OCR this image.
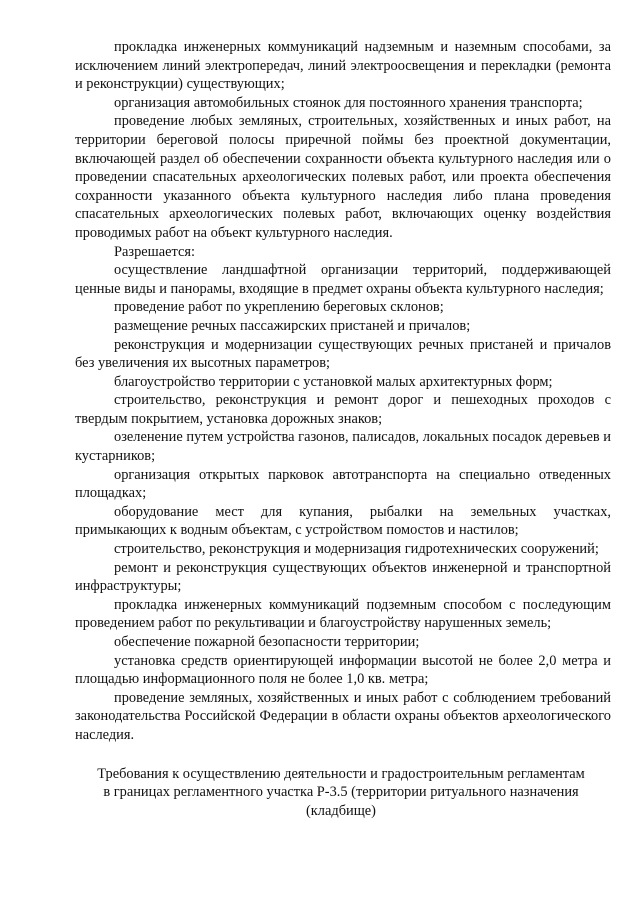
прокладка инженерных коммуникаций надземным и наземным способами, за исключением линий электропередач, линий электроосвещения и перекладки (ремонта и реконструкции) существующих;

организация автомобильных стоянок для постоянного хранения транспорта;

проведение любых земляных, строительных, хозяйственных и иных работ, на территории береговой полосы приречной поймы без проектной документации, включающей раздел об обеспечении сохранности объекта культурного наследия или о проведении спасательных археологических полевых работ, или проекта обеспечения сохранности указанного объекта культурного наследия либо плана проведения спасательных археологических полевых работ, включающих оценку воздействия проводимых работ на объект культурного наследия.

Разрешается:

осуществление ландшафтной организации территорий, поддерживающей ценные виды и панорамы, входящие в предмет охраны объекта культурного наследия;

проведение работ по укреплению береговых склонов;

размещение речных пассажирских пристаней и причалов;

реконструкция и модернизации существующих речных пристаней и причалов без увеличения их высотных параметров;

благоустройство территории с установкой малых архитектурных форм;

строительство, реконструкция и ремонт дорог и пешеходных проходов с твердым покрытием, установка дорожных знаков;

озеленение путем устройства газонов, палисадов, локальных посадок деревьев и кустарников;

организация открытых парковок автотранспорта на специально отведенных площадках;

оборудование мест для купания, рыбалки на земельных участках, примыкающих к водным объектам, с устройством помостов и настилов;

строительство, реконструкция и модернизация гидротехнических сооружений;

ремонт и реконструкция существующих объектов инженерной и транспортной инфраструктуры;

прокладка инженерных коммуникаций подземным способом с последующим проведением работ по рекультивации и благоустройству нарушенных земель;

обеспечение пожарной безопасности территории;

установка средств ориентирующей информации высотой не более 2,0 метра и площадью информационного поля не более 1,0 кв. метра;

проведение земляных, хозяйственных и иных работ с соблюдением требований законодательства Российской Федерации в области охраны объектов археологического наследия.

Требования к осуществлению деятельности и градостроительным регламентам

в границах регламентного участка Р-3.5 (территории ритуального назначения

(кладбище)
